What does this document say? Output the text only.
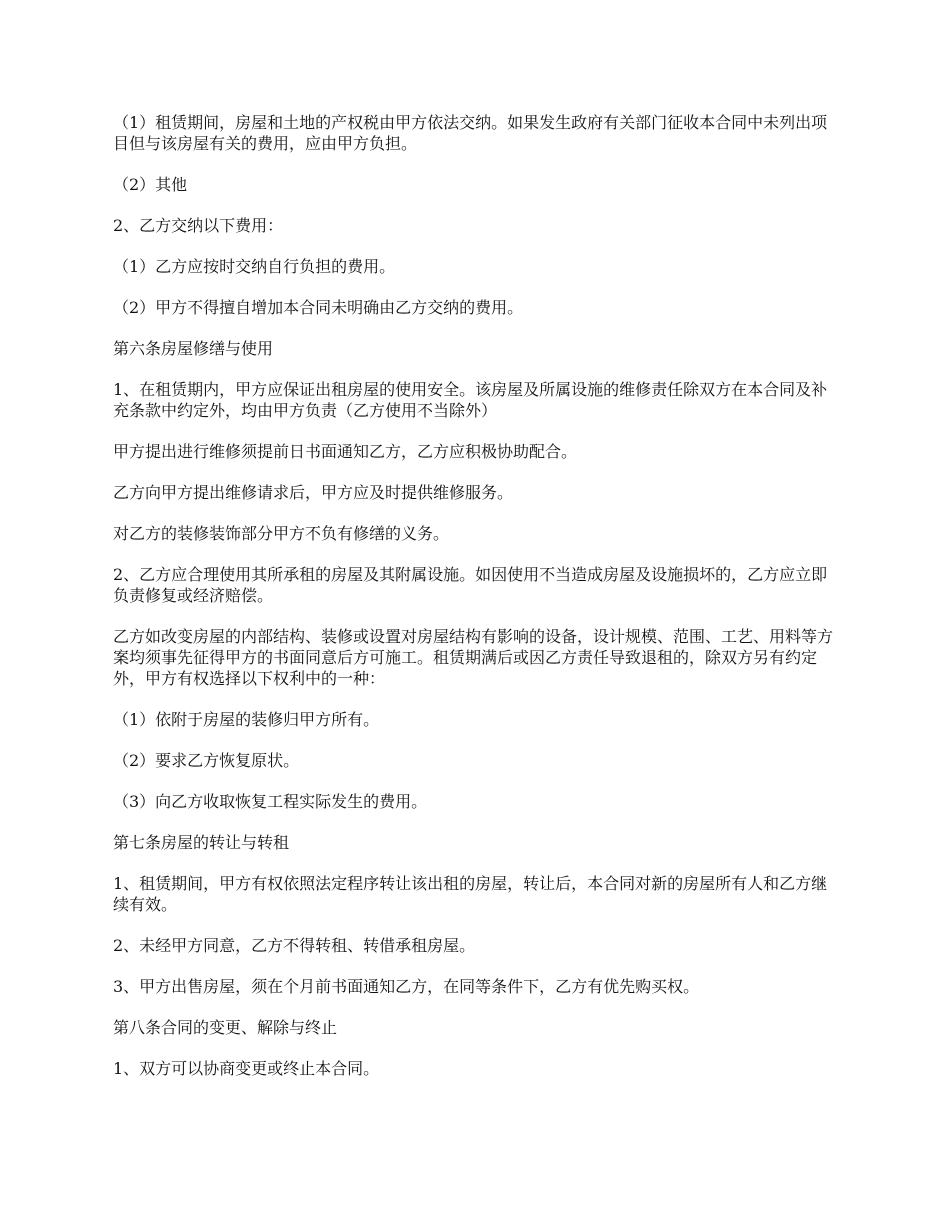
（1）租赁期间，房屋和土地的产权税由甲方依法交纳。如果发生政府有关部门征收本合同中未列出项目但与该房屋有关的费用，应由甲方负担。

（2）其他

2、乙方交纳以下费用：

（1）乙方应按时交纳自行负担的费用。

（2）甲方不得擅自增加本合同未明确由乙方交纳的费用。

第六条房屋修缮与使用

1、在租赁期内，甲方应保证出租房屋的使用安全。该房屋及所属设施的维修责任除双方在本合同及补充条款中约定外，均由甲方负责（乙方使用不当除外）

甲方提出进行维修须提前日书面通知乙方，乙方应积极协助配合。

乙方向甲方提出维修请求后，甲方应及时提供维修服务。

对乙方的装修装饰部分甲方不负有修缮的义务。

2、乙方应合理使用其所承租的房屋及其附属设施。如因使用不当造成房屋及设施损坏的，乙方应立即负责修复或经济赔偿。

乙方如改变房屋的内部结构、装修或设置对房屋结构有影响的设备，设计规模、范围、工艺、用料等方案均须事先征得甲方的书面同意后方可施工。租赁期满后或因乙方责任导致退租的，除双方另有约定外，甲方有权选择以下权利中的一种：

（1）依附于房屋的装修归甲方所有。

（2）要求乙方恢复原状。

（3）向乙方收取恢复工程实际发生的费用。

第七条房屋的转让与转租

1、租赁期间，甲方有权依照法定程序转让该出租的房屋，转让后，本合同对新的房屋所有人和乙方继续有效。

2、未经甲方同意，乙方不得转租、转借承租房屋。

3、甲方出售房屋，须在个月前书面通知乙方，在同等条件下，乙方有优先购买权。

第八条合同的变更、解除与终止

1、双方可以协商变更或终止本合同。
